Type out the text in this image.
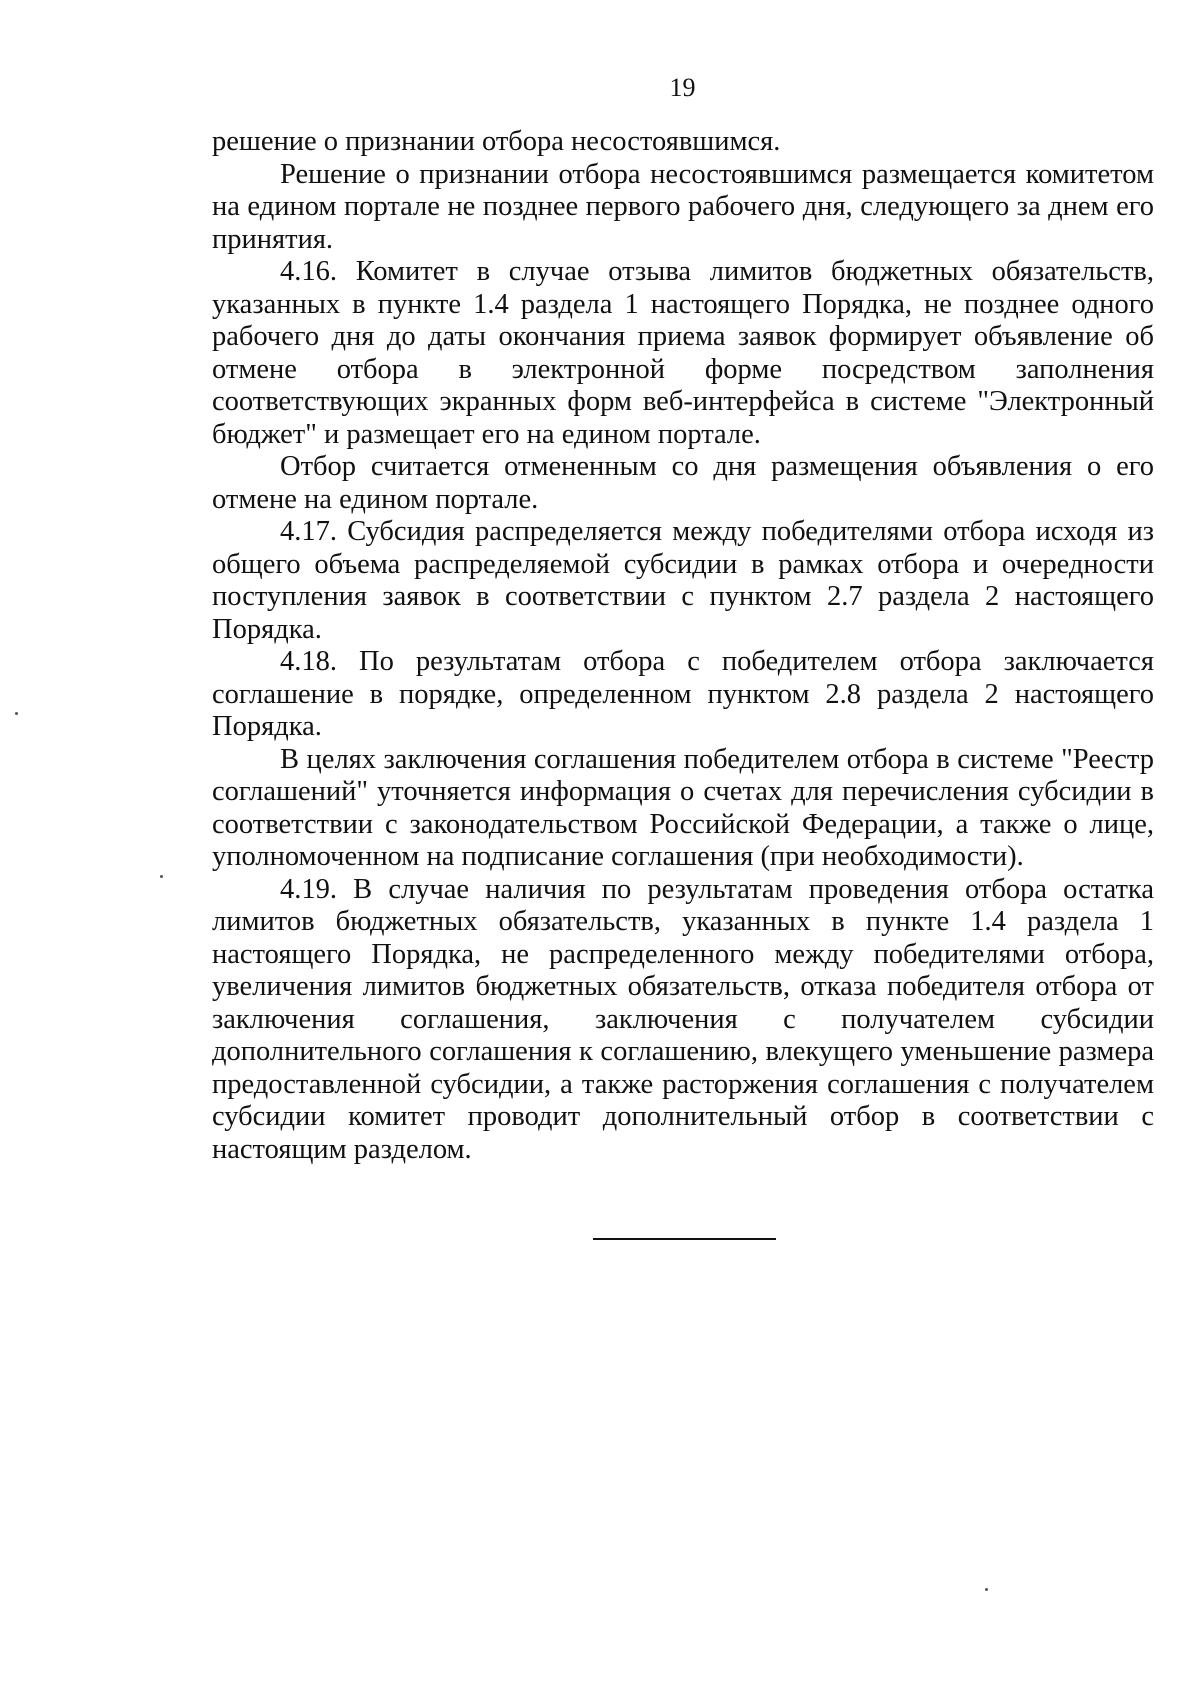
19

решение о признании отбора несостоявшимся.

Решение о признании отбора несостоявшимся размещается комитетом на едином портале не позднее первого рабочего дня, следующего за днем его принятия.

4.16. Комитет в случае отзыва лимитов бюджетных обязательств, указанных в пункте 1.4 раздела 1 настоящего Порядка, не позднее одного рабочего дня до даты окончания приема заявок формирует объявление об отмене отбора в электронной форме посредством заполнения соответствующих экранных форм веб-интерфейса в системе "Электронный бюджет" и размещает его на едином портале.

Отбор считается отмененным со дня размещения объявления о его отмене на едином портале.

4.17. Субсидия распределяется между победителями отбора исходя из общего объема распределяемой субсидии в рамках отбора и очередности поступления заявок в соответствии с пунктом 2.7 раздела 2 настоящего Порядка.

4.18. По результатам отбора с победителем отбора заключается соглашение в порядке, определенном пунктом 2.8 раздела 2 настоящего Порядка.

В целях заключения соглашения победителем отбора в системе "Реестр соглашений" уточняется информация о счетах для перечисления субсидии в соответствии с законодательством Российской Федерации, а также о лице, уполномоченном на подписание соглашения (при необходимости).

4.19. В случае наличия по результатам проведения отбора остатка лимитов бюджетных обязательств, указанных в пункте 1.4 раздела 1 настоящего Порядка, не распределенного между победителями отбора, увеличения лимитов бюджетных обязательств, отказа победителя отбора от заключения соглашения, заключения с получателем субсидии дополнительного соглашения к соглашению, влекущего уменьшение размера предоставленной субсидии, а также расторжения соглашения с получателем субсидии комитет проводит дополнительный отбор в соответствии с настоящим разделом.
